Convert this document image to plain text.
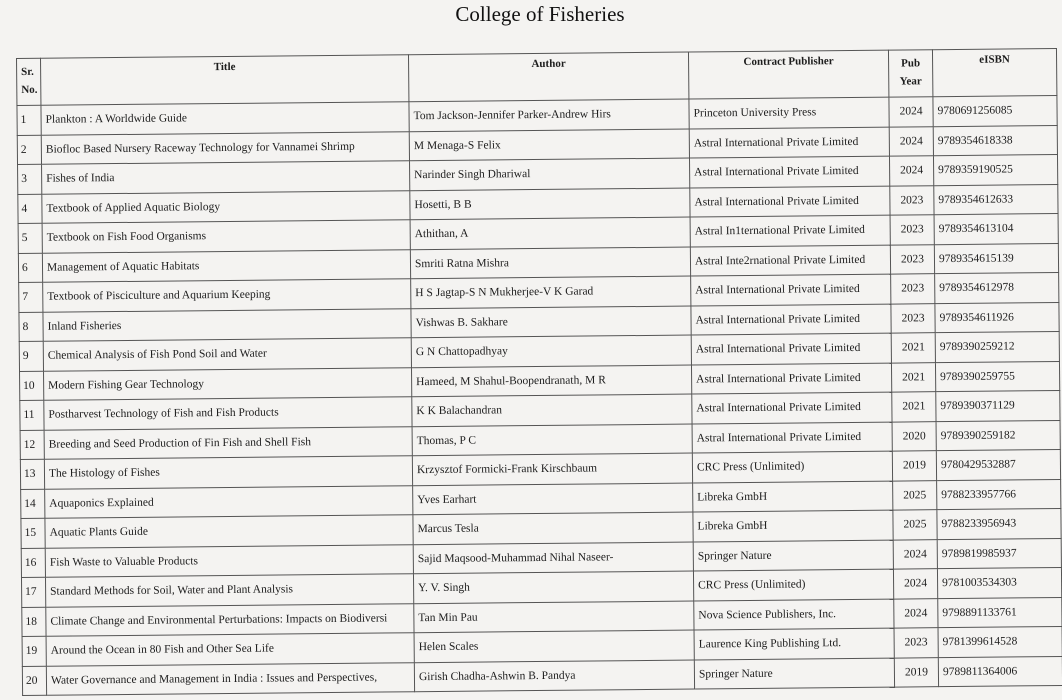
College of Fisheries
Sr.
No.	Title	Author	Contract Publisher	Pub
Year	eISBN
1	Plankton : A Worldwide Guide	Tom Jackson-Jennifer Parker-Andrew Hirs	Princeton University Press	2024	9780691256085
2	Biofloc Based Nursery Raceway Technology for Vannamei Shrimp	M Menaga-S Felix	Astral International Private Limited	2024	9789354618338
3	Fishes of India	Narinder Singh Dhariwal	Astral International Private Limited	2024	9789359190525
4	Textbook of Applied Aquatic Biology	Hosetti, B B	Astral International Private Limited	2023	9789354612633
5	Textbook on Fish Food Organisms	Athithan, A	Astral In1ternational Private Limited	2023	9789354613104
6	Management of Aquatic Habitats	Smriti Ratna Mishra	Astral Inte2rnational Private Limited	2023	9789354615139
7	Textbook of Pisciculture and Aquarium Keeping	H S Jagtap-S N Mukherjee-V K Garad	Astral International Private Limited	2023	9789354612978
8	Inland Fisheries	Vishwas B. Sakhare	Astral International Private Limited	2023	9789354611926
9	Chemical Analysis of Fish Pond Soil and Water	G N Chattopadhyay	Astral International Private Limited	2021	9789390259212
10	Modern Fishing Gear Technology	Hameed, M Shahul-Boopendranath, M R	Astral International Private Limited	2021	9789390259755
11	Postharvest Technology of Fish and Fish Products	K K Balachandran	Astral International Private Limited	2021	9789390371129
12	Breeding and Seed Production of Fin Fish and Shell Fish	Thomas, P C	Astral International Private Limited	2020	9789390259182
13	The Histology of Fishes	Krzysztof Formicki-Frank Kirschbaum	CRC Press (Unlimited)	2019	9780429532887
14	Aquaponics Explained	Yves Earhart	Libreka GmbH	2025	9788233957766
15	Aquatic Plants Guide	Marcus Tesla	Libreka GmbH	2025	9788233956943
16	Fish Waste to Valuable Products	Sajid Maqsood-Muhammad Nihal Naseer-	Springer Nature	2024	9789819985937
17	Standard Methods for Soil, Water and Plant Analysis	Y. V. Singh	CRC Press (Unlimited)	2024	9781003534303
18	Climate Change and Environmental Perturbations: Impacts on Biodiversi	Tan Min Pau	Nova Science Publishers, Inc.	2024	9798891133761
19	Around the Ocean in 80 Fish and Other Sea Life	Helen Scales	Laurence King Publishing Ltd.	2023	9781399614528
20	Water Governance and Management in India : Issues and Perspectives,	Girish Chadha-Ashwin B. Pandya	Springer Nature	2019	9789811364006
